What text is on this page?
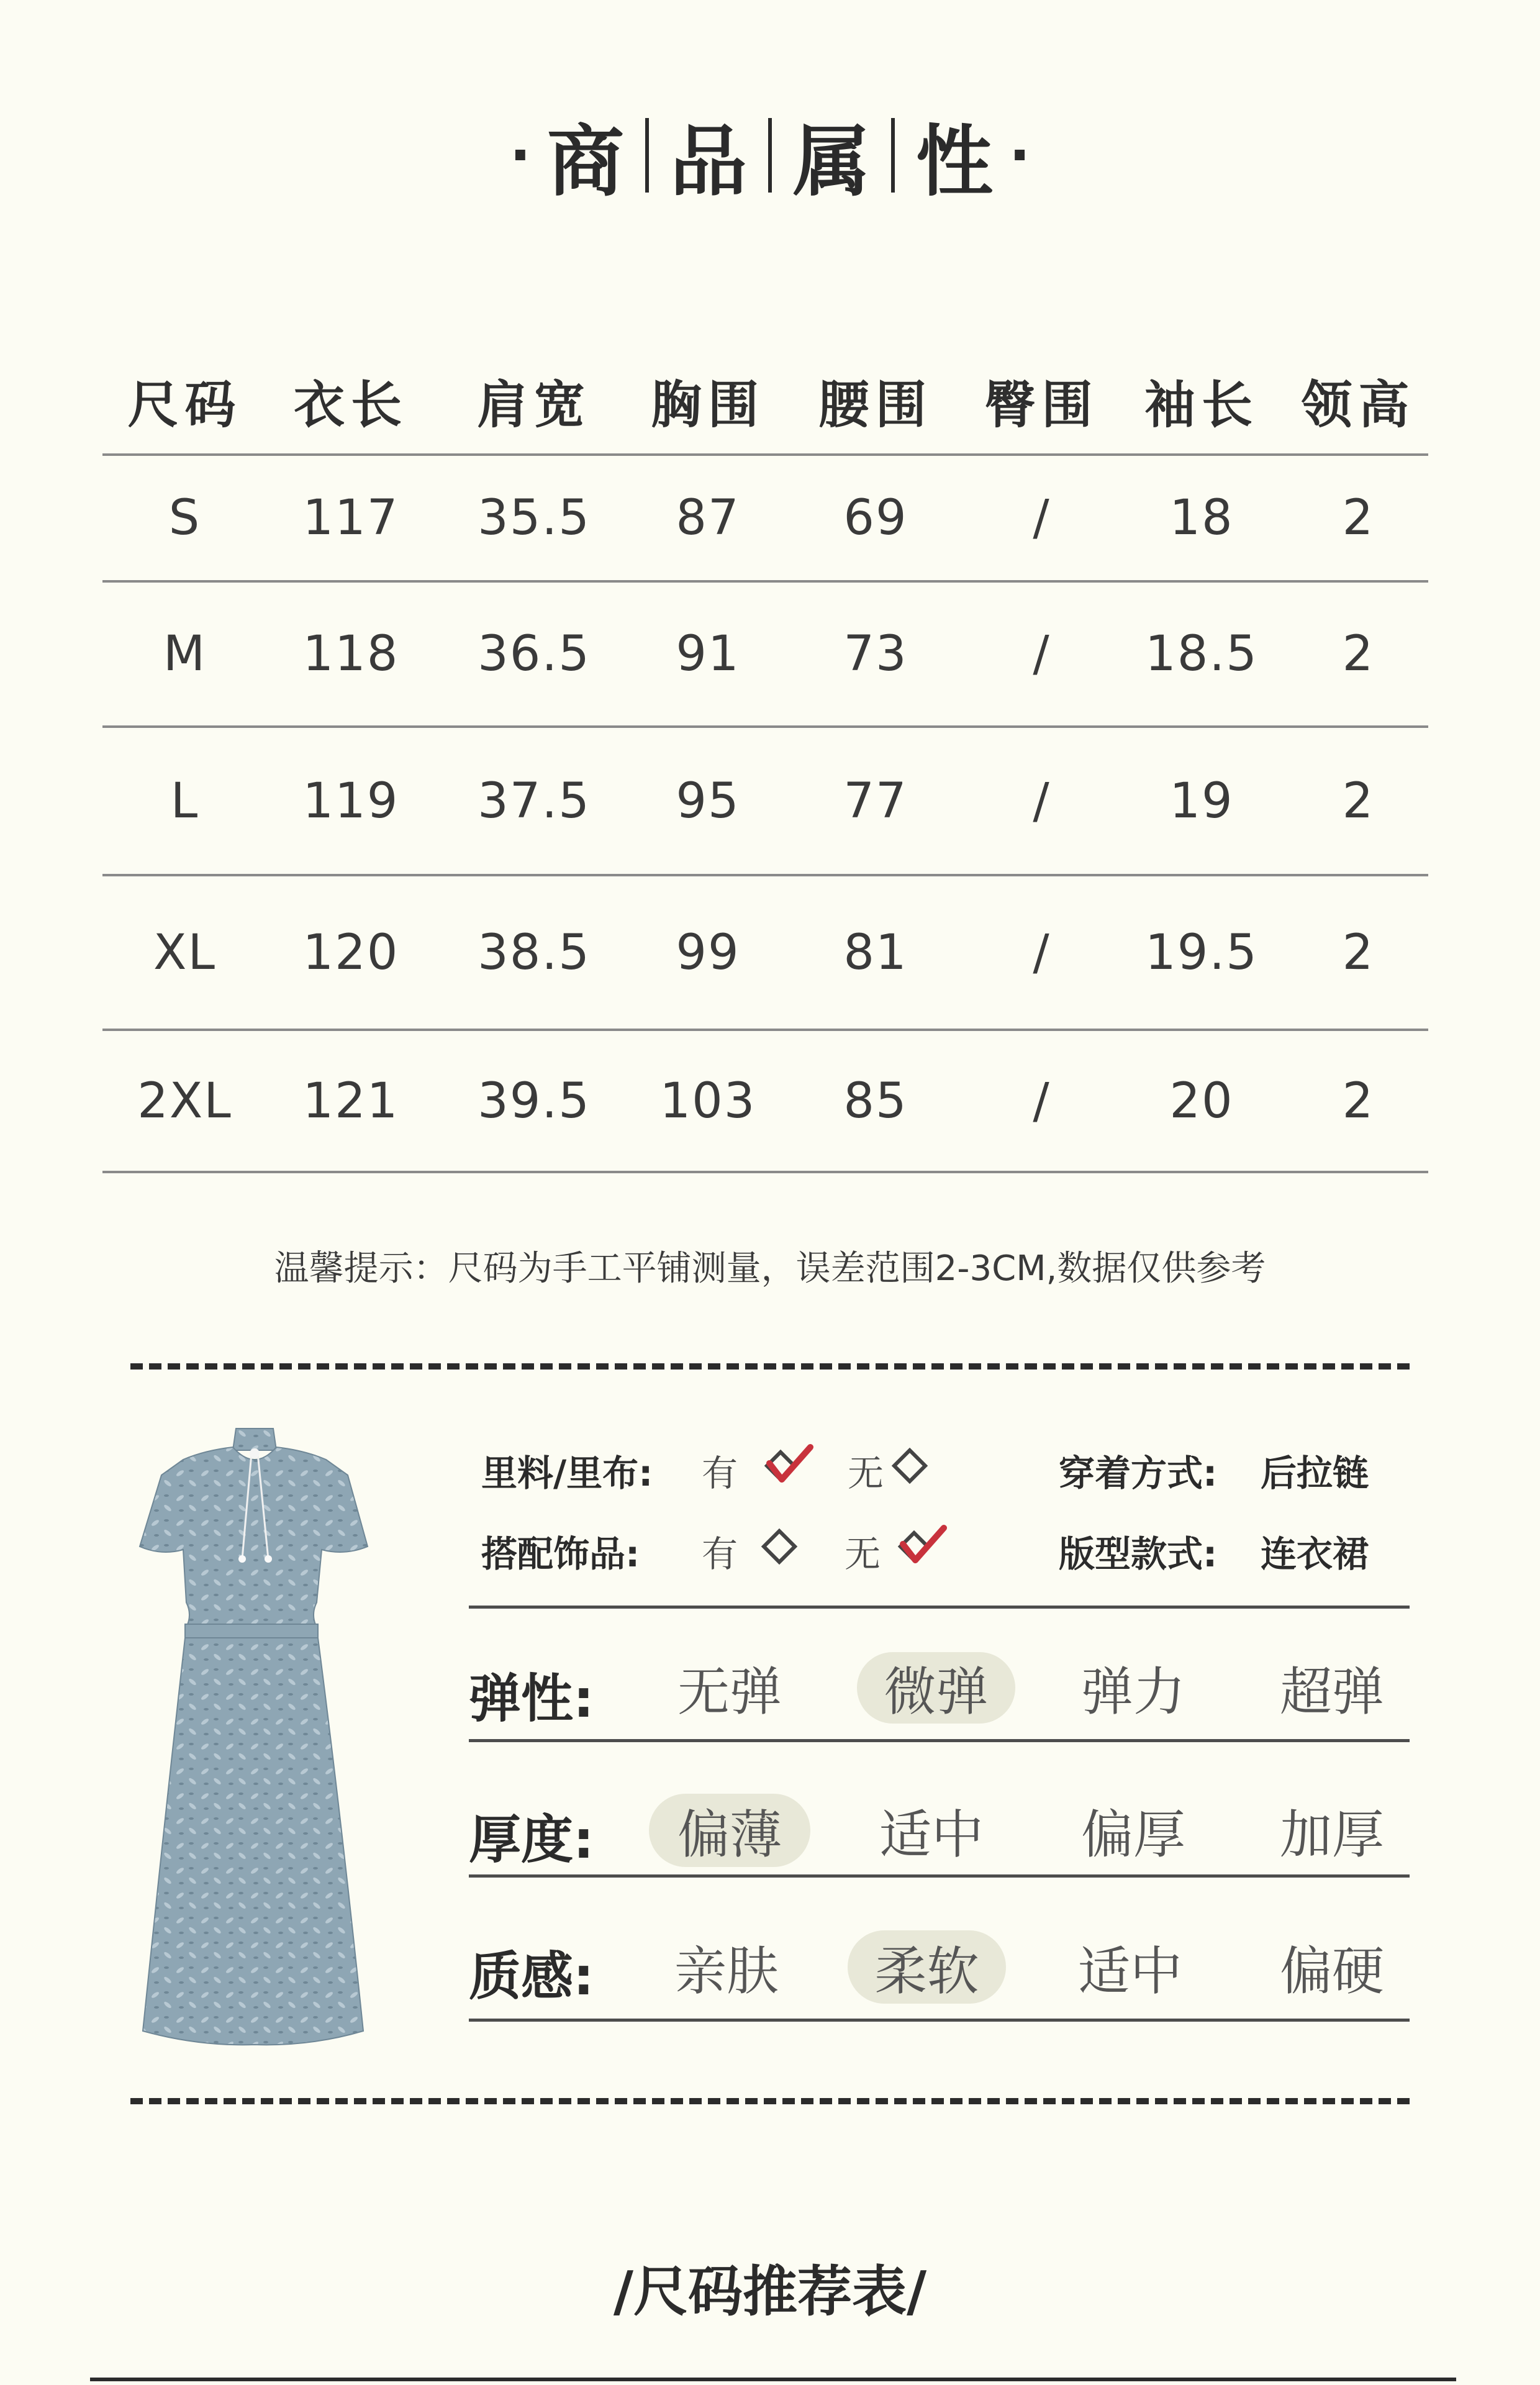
· 商 品 属 性 ·
尺码	衣长	肩宽	胸围	腰围	臀围 袖长 领高
S	117	35.5	87	69	/	18	2
M	118	36.5	91	73	/	18.5	2
L	119	37.5	95	77	/	19	2
XL	120	38.5	99	81	/	19.5	2
2XL	121	39.5	103	85	/	20	2
温馨提示：尺码为手工平铺测量，误差范围2-3CM,数据仅供参考
里料/里布: 有	无	穿着方式: 后拉链
搭配饰品: 有	无	版型款式: 连衣裙
弹性:	无弹	微弹	弹力	超弹
厚度:	偏薄	适中	偏厚	加厚
质感:	亲肤	柔软	适中	偏硬
/尺码推荐表/
